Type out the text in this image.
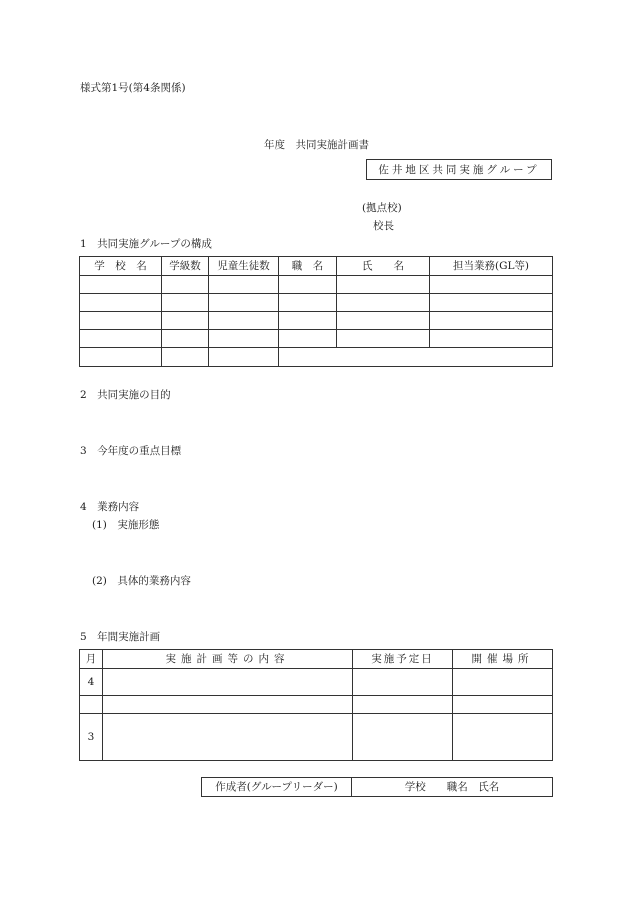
様式第1号(第4条関係)
年度　共同実施計画書
佐井地区共同実施グループ
(拠点校)
校長
1　共同実施グループの構成
学　校　名	学級数	児童生徒数	職　名	氏　　名	担当業務(GL等)

2　共同実施の目的
3　今年度の重点目標
4　業務内容
(1)　実施形態
(2)　具体的業務内容
5　年間実施計画
月	実施計画等の内容	実施予定日	開催場所
4			

3			
作成者(グループリーダー)	学校　　職名　氏名
